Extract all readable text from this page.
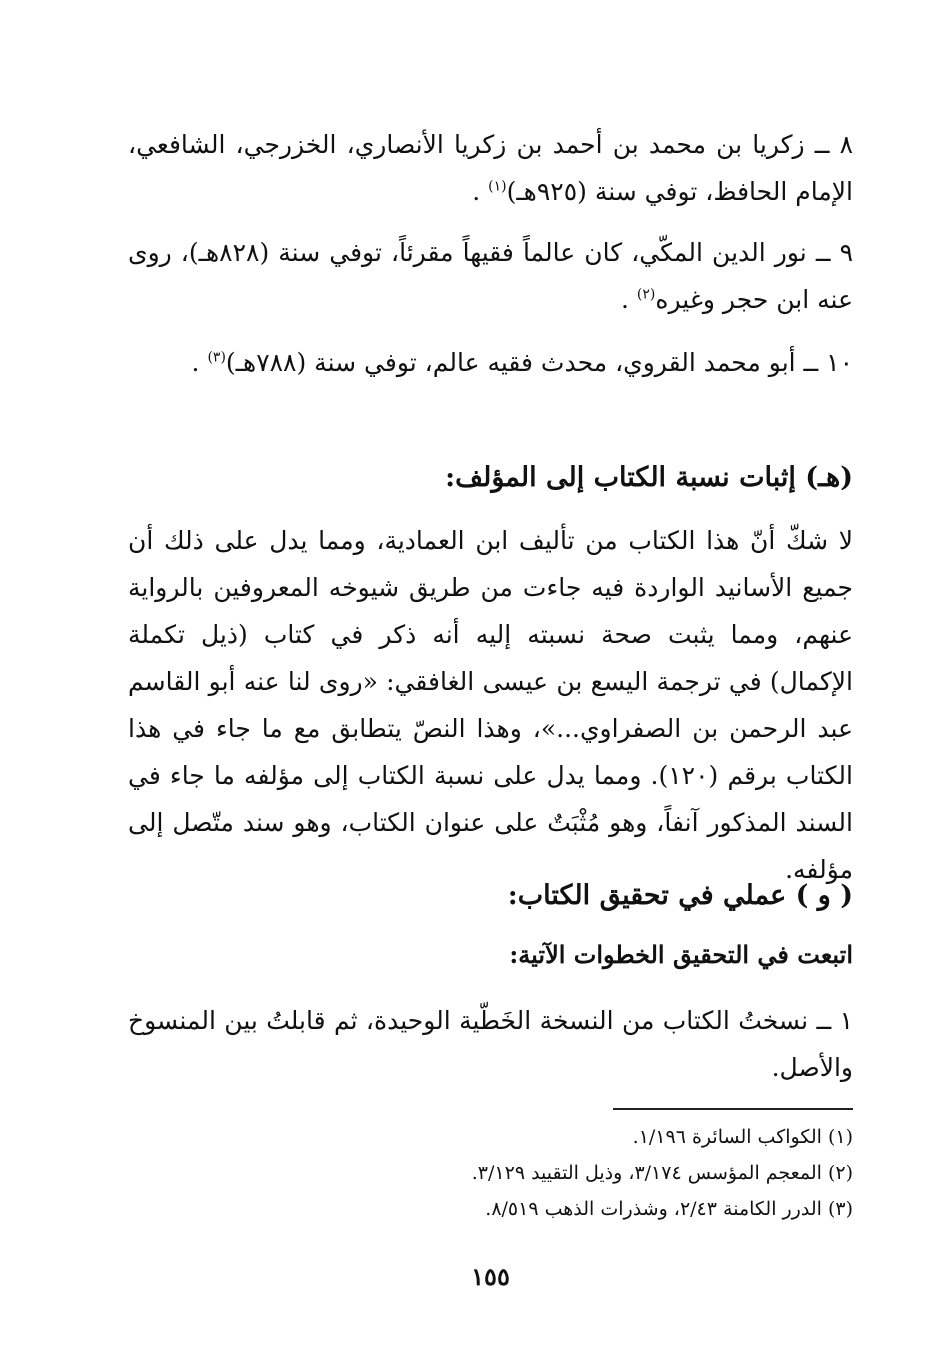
٨ ــ زكريا بن محمد بن أحمد بن زكريا الأنصاري، الخزرجي، الشافعي، الإمام الحافظ، توفي سنة (٩٢٥هـ)$^{(١)}$ .

٩ ــ نور الدين المكّي، كان عالماً فقيهاً مقرئاً، توفي سنة (٨٢٨هـ)، روى عنه ابن حجر وغيره$^{(٢)}$ .

١٠ ــ أبو محمد القروي، محدث فقيه عالم، توفي سنة (٧٨٨هـ)$^{(٣)}$ .

(هـ) إثبات نسبة الكتاب إلى المؤلف:

لا شكّ أنّ هذا الكتاب من تأليف ابن العمادية، ومما يدل على ذلك أن جميع الأسانيد الواردة فيه جاءت من طريق شيوخه المعروفين بالرواية عنهم، ومما يثبت صحة نسبته إليه أنه ذكر في كتاب (ذيل تكملة الإكمال) في ترجمة اليسع بن عيسى الغافقي: «روى لنا عنه أبو القاسم عبد الرحمن بن الصفراوي...»، وهذا النصّ يتطابق مع ما جاء في هذا الكتاب برقم (١٢٠). ومما يدل على نسبة الكتاب إلى مؤلفه ما جاء في السند المذكور آنفاً، وهو مُثْبَتٌ على عنوان الكتاب، وهو سند متّصل إلى مؤلفه.

( و ) عملي في تحقيق الكتاب:
اتبعت في التحقيق الخطوات الآتية:

١ ــ نسختُ الكتاب من النسخة الخَطّية الوحيدة، ثم قابلتُ بين المنسوخ والأصل.

(١) الكواكب السائرة ١/١٩٦.
(٢) المعجم المؤسس ٣/١٧٤، وذيل التقييد ٣/١٢٩.
(٣) الدرر الكامنة ٢/٤٣، وشذرات الذهب ٨/٥١٩.
١٥٥
